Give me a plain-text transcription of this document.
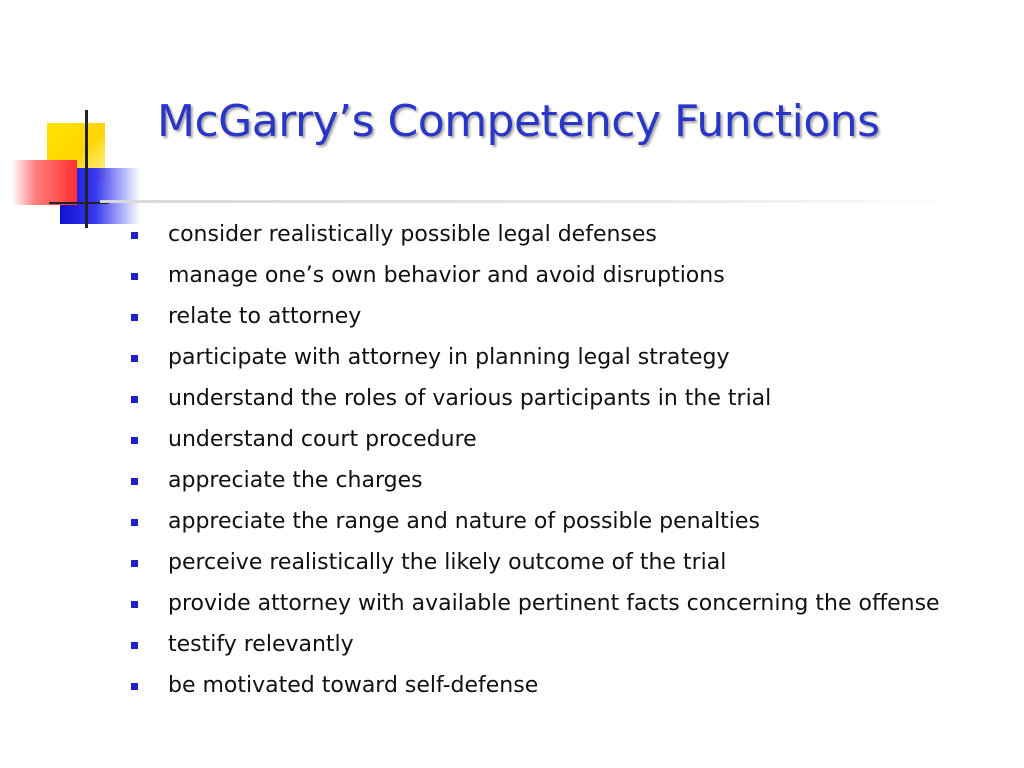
McGarry’s Competency Functions
consider realistically possible legal defenses
manage one’s own behavior and avoid disruptions
relate to attorney
participate with attorney in planning legal strategy
understand the roles of various participants in the trial
understand court procedure
appreciate the charges
appreciate the range and nature of possible penalties
perceive realistically the likely outcome of the trial
provide attorney with available pertinent facts concerning the offense
testify relevantly
be motivated toward self-defense
